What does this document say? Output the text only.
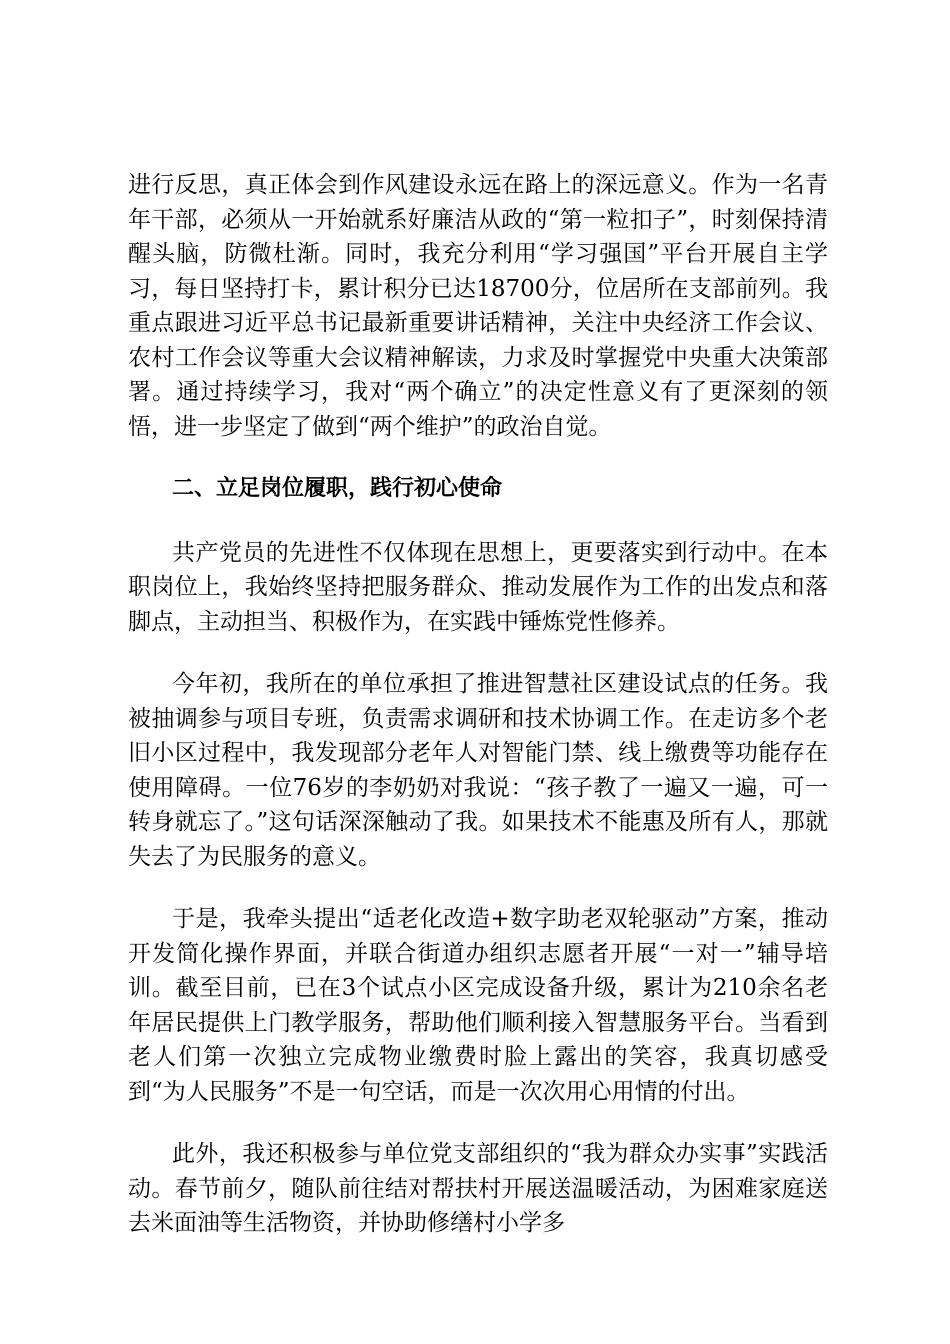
进行反思，真正体会到作风建设永远在路上的深远意义。作为一名青年干部，必须从一开始就系好廉洁从政的“第一粒扣子”，时刻保持清醒头脑，防微杜渐。同时，我充分利用“学习强国”平台开展自主学习，每日坚持打卡，累计积分已达18700分，位居所在支部前列。我重点跟进习近平总书记最新重要讲话精神，关注中央经济工作会议、农村工作会议等重大会议精神解读，力求及时掌握党中央重大决策部署。通过持续学习，我对“两个确立”的决定性意义有了更深刻的领悟，进一步坚定了做到“两个维护”的政治自觉。

二、立足岗位履职，践行初心使命

共产党员的先进性不仅体现在思想上，更要落实到行动中。在本职岗位上，我始终坚持把服务群众、推动发展作为工作的出发点和落脚点，主动担当、积极作为，在实践中锤炼党性修养。

今年初，我所在的单位承担了推进智慧社区建设试点的任务。我被抽调参与项目专班，负责需求调研和技术协调工作。在走访多个老旧小区过程中，我发现部分老年人对智能门禁、线上缴费等功能存在使用障碍。一位76岁的李奶奶对我说：“孩子教了一遍又一遍，可一转身就忘了。”这句话深深触动了我。如果技术不能惠及所有人，那就失去了为民服务的意义。

于是，我牵头提出“适老化改造+数字助老双轮驱动”方案，推动开发简化操作界面，并联合街道办组织志愿者开展“一对一”辅导培训。截至目前，已在3个试点小区完成设备升级，累计为210余名老年居民提供上门教学服务，帮助他们顺利接入智慧服务平台。当看到老人们第一次独立完成物业缴费时脸上露出的笑容，我真切感受到“为人民服务”不是一句空话，而是一次次用心用情的付出。

此外，我还积极参与单位党支部组织的“我为群众办实事”实践活动。春节前夕，随队前往结对帮扶村开展送温暖活动，为困难家庭送去米面油等生活物资，并协助修缮村小学多
